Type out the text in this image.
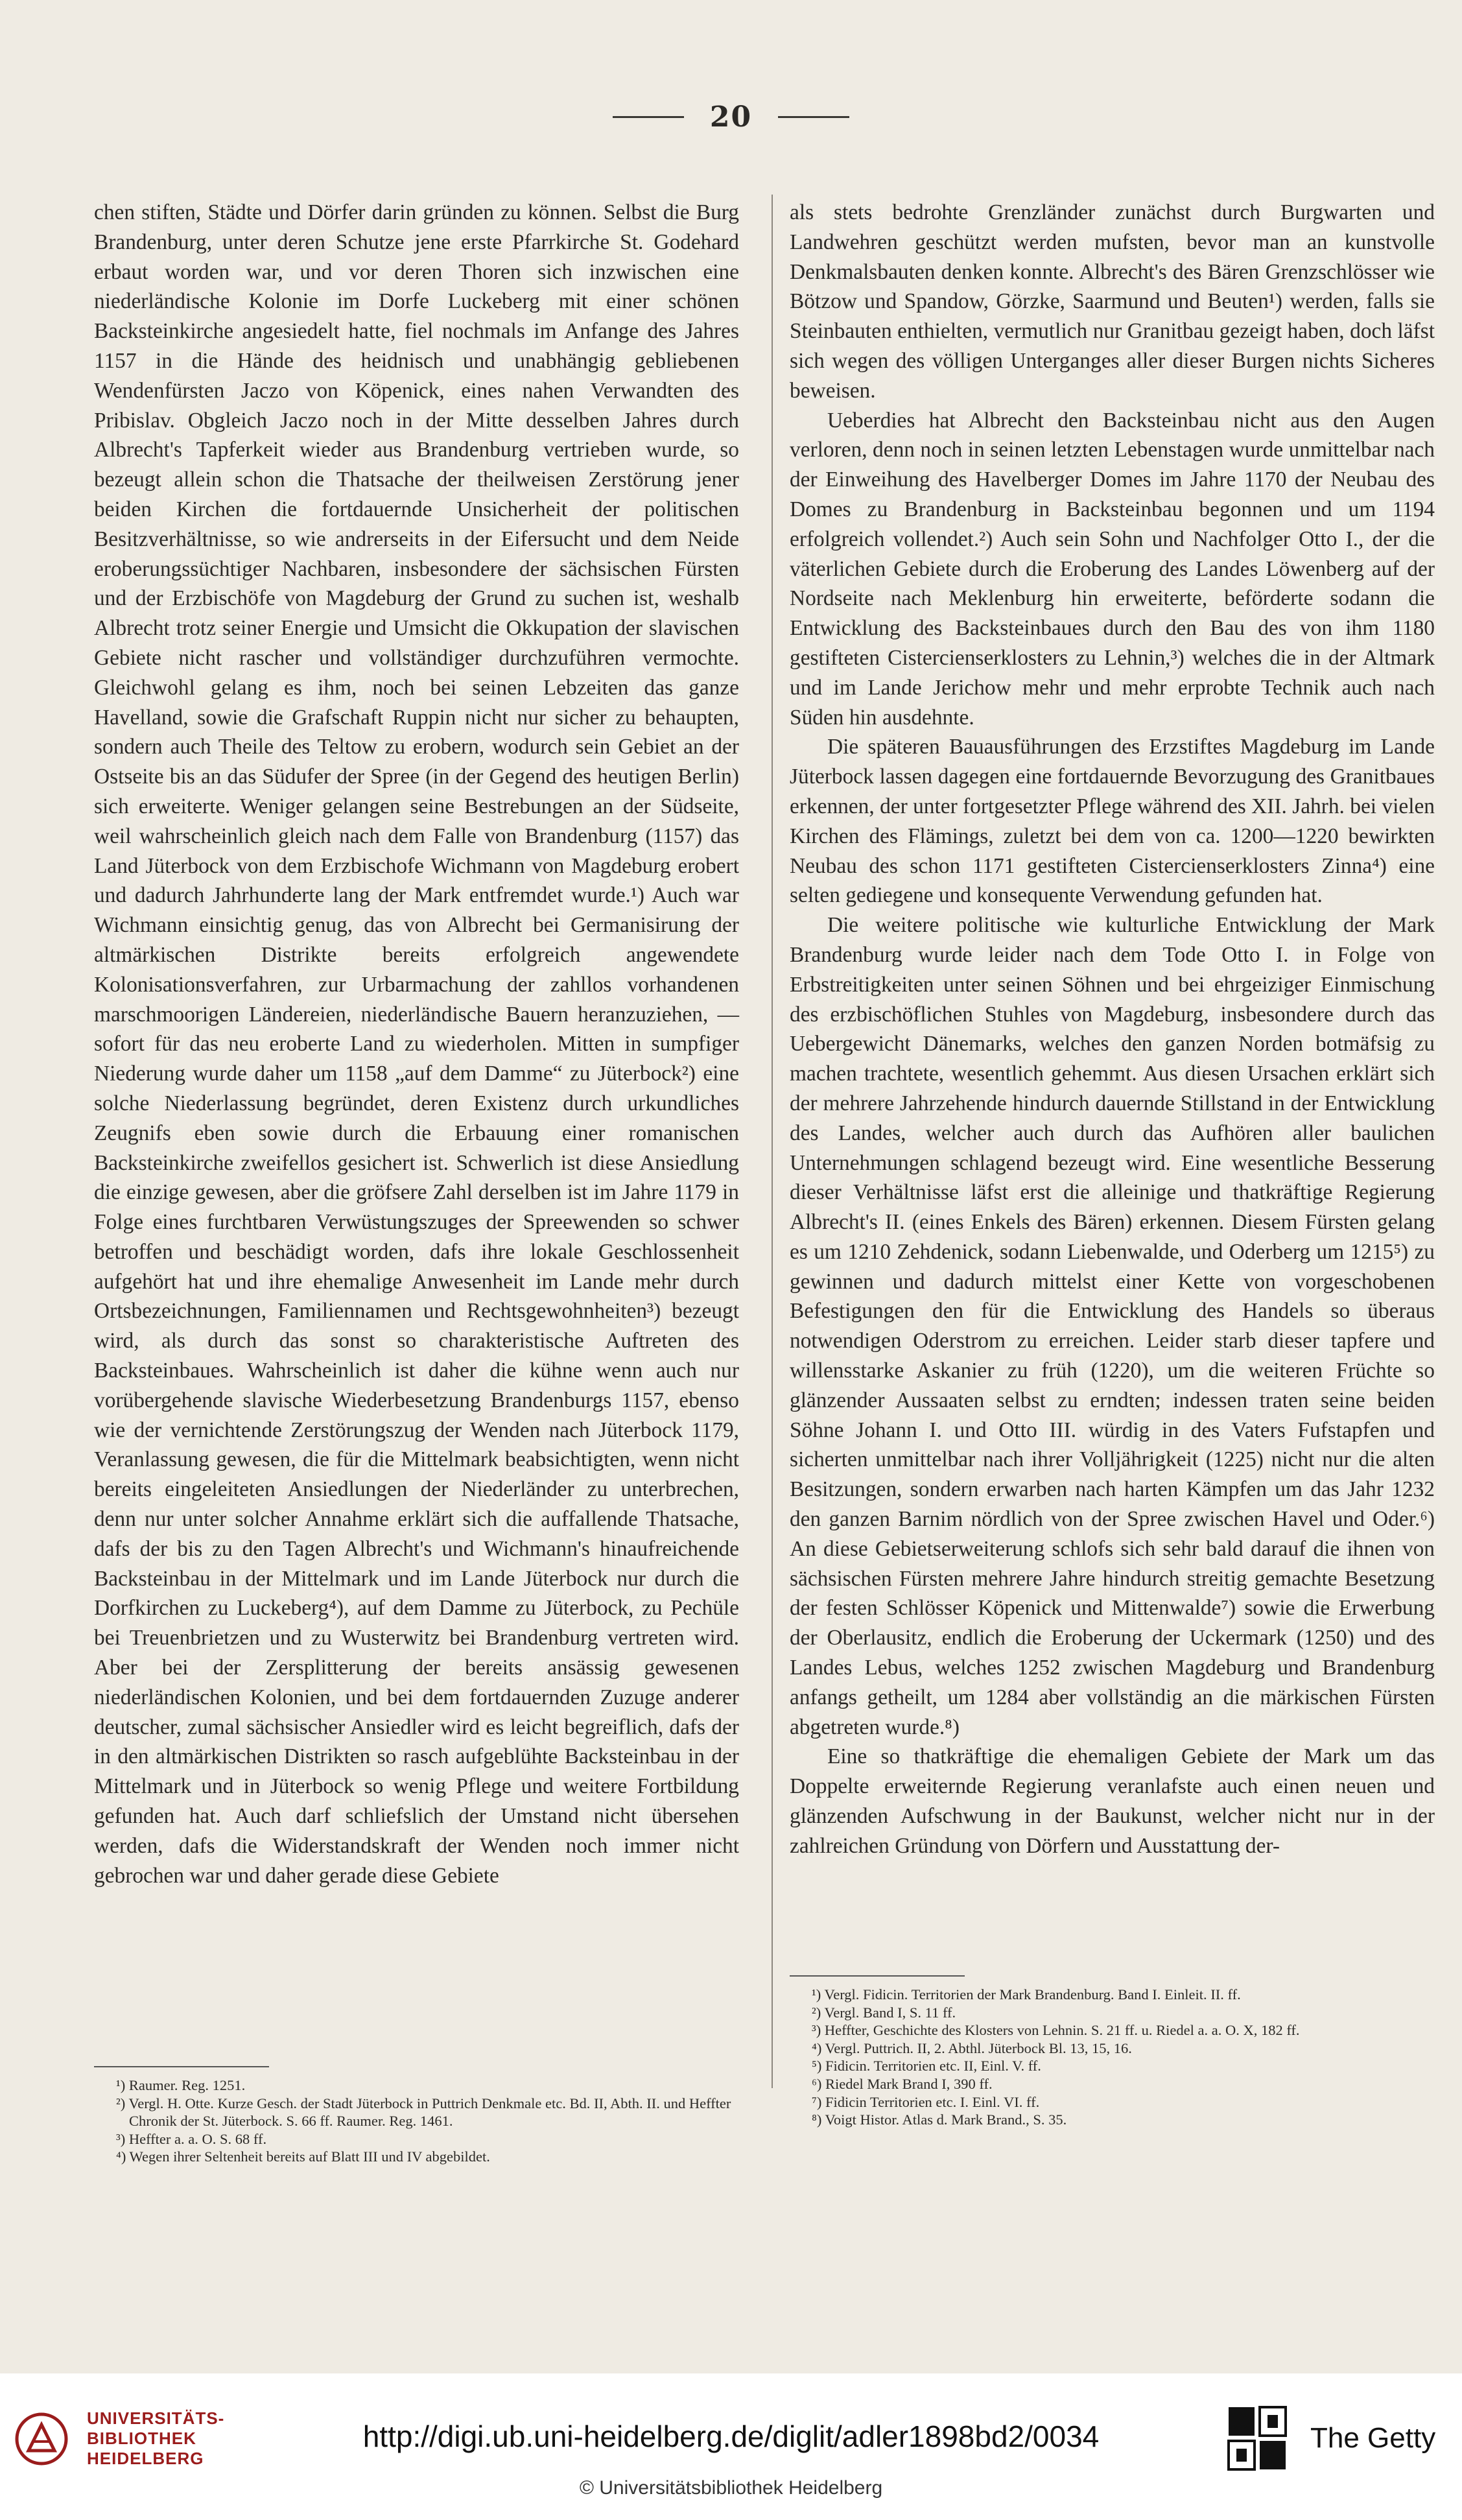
20

chen stiften, Städte und Dörfer darin gründen zu können. Selbst die Burg Brandenburg, unter deren Schutze jene erste Pfarrkirche St. Godehard erbaut worden war, und vor deren Thoren sich inzwischen eine niederländische Kolonie im Dorfe Luckeberg mit einer schönen Backsteinkirche angesiedelt hatte, fiel nochmals im Anfange des Jahres 1157 in die Hände des heidnisch und unabhängig gebliebenen Wendenfürsten Jaczo von Köpenick, eines nahen Verwandten des Pribislav. Obgleich Jaczo noch in der Mitte desselben Jahres durch Albrecht's Tapferkeit wieder aus Brandenburg vertrieben wurde, so bezeugt allein schon die Thatsache der theilweisen Zerstörung jener beiden Kirchen die fortdauernde Unsicherheit der politischen Besitzverhältnisse, so wie andrerseits in der Eifersucht und dem Neide eroberungssüchtiger Nachbaren, insbesondere der sächsischen Fürsten und der Erzbischöfe von Magdeburg der Grund zu suchen ist, weshalb Albrecht trotz seiner Energie und Umsicht die Okkupation der slavischen Gebiete nicht rascher und vollständiger durchzuführen vermochte. Gleichwohl gelang es ihm, noch bei seinen Lebzeiten das ganze Havelland, sowie die Grafschaft Ruppin nicht nur sicher zu behaupten, sondern auch Theile des Teltow zu erobern, wodurch sein Gebiet an der Ostseite bis an das Südufer der Spree (in der Gegend des heutigen Berlin) sich erweiterte. Weniger gelangen seine Bestrebungen an der Südseite, weil wahrscheinlich gleich nach dem Falle von Brandenburg (1157) das Land Jüterbock von dem Erzbischofe Wichmann von Magdeburg erobert und dadurch Jahrhunderte lang der Mark entfremdet wurde.¹) Auch war Wichmann einsichtig genug, das von Albrecht bei Germanisirung der altmärkischen Distrikte bereits erfolgreich angewendete Kolonisationsverfahren, zur Urbarmachung der zahllos vorhandenen marschmoorigen Ländereien, niederländische Bauern heranzuziehen, — sofort für das neu eroberte Land zu wiederholen. Mitten in sumpfiger Niederung wurde daher um 1158 „auf dem Damme“ zu Jüterbock²) eine solche Niederlassung begründet, deren Existenz durch urkundliches Zeugnifs eben sowie durch die Erbauung einer romanischen Backsteinkirche zweifellos gesichert ist. Schwerlich ist diese Ansiedlung die einzige gewesen, aber die gröfsere Zahl derselben ist im Jahre 1179 in Folge eines furchtbaren Verwüstungszuges der Spreewenden so schwer betroffen und beschädigt worden, dafs ihre lokale Geschlossenheit aufgehört hat und ihre ehemalige Anwesenheit im Lande mehr durch Ortsbezeichnungen, Familiennamen und Rechtsgewohnheiten³) bezeugt wird, als durch das sonst so charakteristische Auftreten des Backsteinbaues. Wahrscheinlich ist daher die kühne wenn auch nur vorübergehende slavische Wiederbesetzung Brandenburgs 1157, ebenso wie der vernichtende Zerstörungszug der Wenden nach Jüterbock 1179, Veranlassung gewesen, die für die Mittelmark beabsichtigten, wenn nicht bereits eingeleiteten Ansiedlungen der Niederländer zu unterbrechen, denn nur unter solcher Annahme erklärt sich die auffallende Thatsache, dafs der bis zu den Tagen Albrecht's und Wichmann's hinaufreichende Backsteinbau in der Mittelmark und im Lande Jüterbock nur durch die Dorfkirchen zu Luckeberg⁴), auf dem Damme zu Jüterbock, zu Pechüle bei Treuenbrietzen und zu Wusterwitz bei Brandenburg vertreten wird. Aber bei der Zersplitterung der bereits ansässig gewesenen niederländischen Kolonien, und bei dem fortdauernden Zuzuge anderer deutscher, zumal sächsischer Ansiedler wird es leicht begreiflich, dafs der in den altmärkischen Distrikten so rasch aufgeblühte Backsteinbau in der Mittelmark und in Jüterbock so wenig Pflege und weitere Fortbildung gefunden hat. Auch darf schliefslich der Umstand nicht übersehen werden, dafs die Widerstandskraft der Wenden noch immer nicht gebrochen war und daher gerade diese Gebiete

als stets bedrohte Grenzländer zunächst durch Burgwarten und Landwehren geschützt werden mufsten, bevor man an kunstvolle Denkmalsbauten denken konnte. Albrecht's des Bären Grenzschlösser wie Bötzow und Spandow, Görzke, Saarmund und Beuten¹) werden, falls sie Steinbauten enthielten, vermutlich nur Granitbau gezeigt haben, doch läfst sich wegen des völligen Unterganges aller dieser Burgen nichts Sicheres beweisen.

Ueberdies hat Albrecht den Backsteinbau nicht aus den Augen verloren, denn noch in seinen letzten Lebenstagen wurde unmittelbar nach der Einweihung des Havelberger Domes im Jahre 1170 der Neubau des Domes zu Brandenburg in Backsteinbau begonnen und um 1194 erfolgreich vollendet.²) Auch sein Sohn und Nachfolger Otto I., der die väterlichen Gebiete durch die Eroberung des Landes Löwenberg auf der Nordseite nach Meklenburg hin erweiterte, beförderte sodann die Entwicklung des Backsteinbaues durch den Bau des von ihm 1180 gestifteten Cistercienserklosters zu Lehnin,³) welches die in der Altmark und im Lande Jerichow mehr und mehr erprobte Technik auch nach Süden hin ausdehnte.

Die späteren Bauausführungen des Erzstiftes Magdeburg im Lande Jüterbock lassen dagegen eine fortdauernde Bevorzugung des Granitbaues erkennen, der unter fortgesetzter Pflege während des XII. Jahrh. bei vielen Kirchen des Flämings, zuletzt bei dem von ca. 1200—1220 bewirkten Neubau des schon 1171 gestifteten Cistercienserklosters Zinna⁴) eine selten gediegene und konsequente Verwendung gefunden hat.

Die weitere politische wie kulturliche Entwicklung der Mark Brandenburg wurde leider nach dem Tode Otto I. in Folge von Erbstreitigkeiten unter seinen Söhnen und bei ehrgeiziger Einmischung des erzbischöflichen Stuhles von Magdeburg, insbesondere durch das Uebergewicht Dänemarks, welches den ganzen Norden botmäfsig zu machen trachtete, wesentlich gehemmt. Aus diesen Ursachen erklärt sich der mehrere Jahrzehende hindurch dauernde Stillstand in der Entwicklung des Landes, welcher auch durch das Aufhören aller baulichen Unternehmungen schlagend bezeugt wird. Eine wesentliche Besserung dieser Verhältnisse läfst erst die alleinige und thatkräftige Regierung Albrecht's II. (eines Enkels des Bären) erkennen. Diesem Fürsten gelang es um 1210 Zehdenick, sodann Liebenwalde, und Oderberg um 1215⁵) zu gewinnen und dadurch mittelst einer Kette von vorgeschobenen Befestigungen den für die Entwicklung des Handels so überaus notwendigen Oderstrom zu erreichen. Leider starb dieser tapfere und willensstarke Askanier zu früh (1220), um die weiteren Früchte so glänzender Aussaaten selbst zu erndten; indessen traten seine beiden Söhne Johann I. und Otto III. würdig in des Vaters Fufstapfen und sicherten unmittelbar nach ihrer Volljährigkeit (1225) nicht nur die alten Besitzungen, sondern erwarben nach harten Kämpfen um das Jahr 1232 den ganzen Barnim nördlich von der Spree zwischen Havel und Oder.⁶) An diese Gebietserweiterung schlofs sich sehr bald darauf die ihnen von sächsischen Fürsten mehrere Jahre hindurch streitig gemachte Besetzung der festen Schlösser Köpenick und Mittenwalde⁷) sowie die Erwerbung der Oberlausitz, endlich die Eroberung der Uckermark (1250) und des Landes Lebus, welches 1252 zwischen Magdeburg und Brandenburg anfangs getheilt, um 1284 aber vollständig an die märkischen Fürsten abgetreten wurde.⁸)

Eine so thatkräftige die ehemaligen Gebiete der Mark um das Doppelte erweiternde Regierung veranlafste auch einen neuen und glänzenden Aufschwung in der Baukunst, welcher nicht nur in der zahlreichen Gründung von Dörfern und Ausstattung der-

¹) Raumer. Reg. 1251.

²) Vergl. H. Otte. Kurze Gesch. der Stadt Jüterbock in Puttrich Denkmale etc. Bd. II, Abth. II. und Heffter Chronik der St. Jüterbock. S. 66 ff. Raumer. Reg. 1461.

³) Heffter a. a. O. S. 68 ff.

⁴) Wegen ihrer Seltenheit bereits auf Blatt III und IV abgebildet.

¹) Vergl. Fidicin. Territorien der Mark Brandenburg. Band I. Einleit. II. ff.

²) Vergl. Band I, S. 11 ff.

³) Heffter, Geschichte des Klosters von Lehnin. S. 21 ff. u. Riedel a. a. O. X, 182 ff.

⁴) Vergl. Puttrich. II, 2. Abthl. Jüterbock Bl. 13, 15, 16.

⁵) Fidicin. Territorien etc. II, Einl. V. ff.

⁶) Riedel Mark Brand I, 390 ff.

⁷) Fidicin Territorien etc. I. Einl. VI. ff.

⁸) Voigt Histor. Atlas d. Mark Brand., S. 35.

UNIVERSITÄTS-
BIBLIOTHEK
HEIDELBERG
http://digi.ub.uni-heidelberg.de/diglit/adler1898bd2/0034
© Universitätsbibliothek Heidelberg
The Getty
